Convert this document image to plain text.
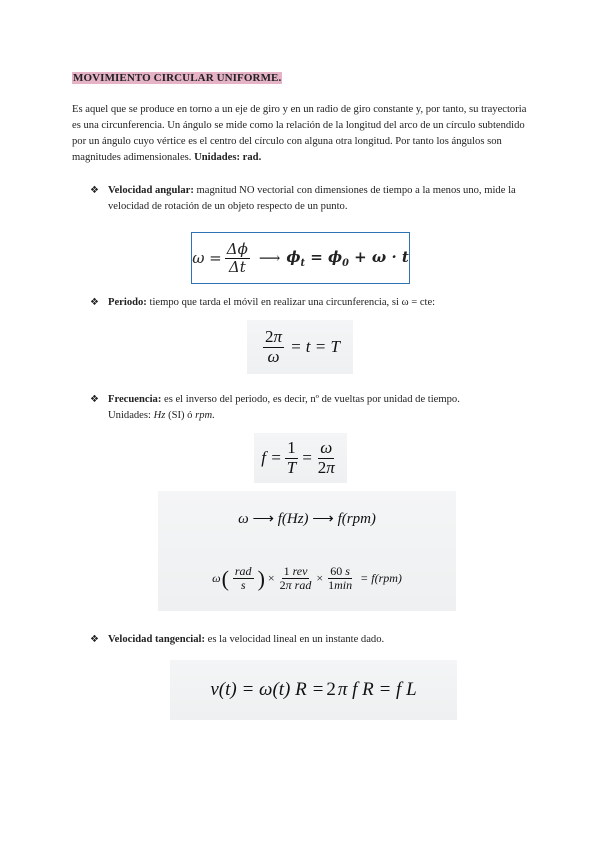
MOVIMIENTO CIRCULAR UNIFORME.
Es aquel que se produce en torno a un eje de giro y en un radio de giro constante y, por tanto, su trayectoria es una circunferencia. Un ángulo se mide como la relación de la longitud del arco de un círculo subtendido por un ángulo cuyo vértice es el centro del círculo con alguna otra longitud. Por tanto los ángulos son magnitudes adimensionales. Unidades: rad.
❖ Velocidad angular: magnitud NO vectorial con dimensiones de tiempo a la menos uno, mide la velocidad de rotación de un objeto respecto de un punto.
$\omega = \frac{\Delta\phi}{\Delta t}$ ⟶ $\phi_t = \phi_0 + \omega \cdot t$
❖ Periodo: tiempo que tarda el móvil en realizar una circunferencia, si ω = cte:
$\frac{2\pi}{\omega} = t = T$
❖ Frecuencia: es el inverso del periodo, es decir, nº de vueltas por unidad de tiempo.
Unidades: Hz (SI) ó rpm.
$f = \frac{1}{T} = \frac{\omega}{2\pi}$
ω ⟶ f(Hz) ⟶ f(rpm)
ω ( $\frac{\text{rad}}{s}$ ) × $\frac{\text{1 rev}}{\text{2π rad}} \times \frac{60 s}{1\min} = f(rpm)$
❖ Velocidad tangencial: es la velocidad lineal en un instante dado.
v(t) = ω(t) R = 2 π f R = f L
